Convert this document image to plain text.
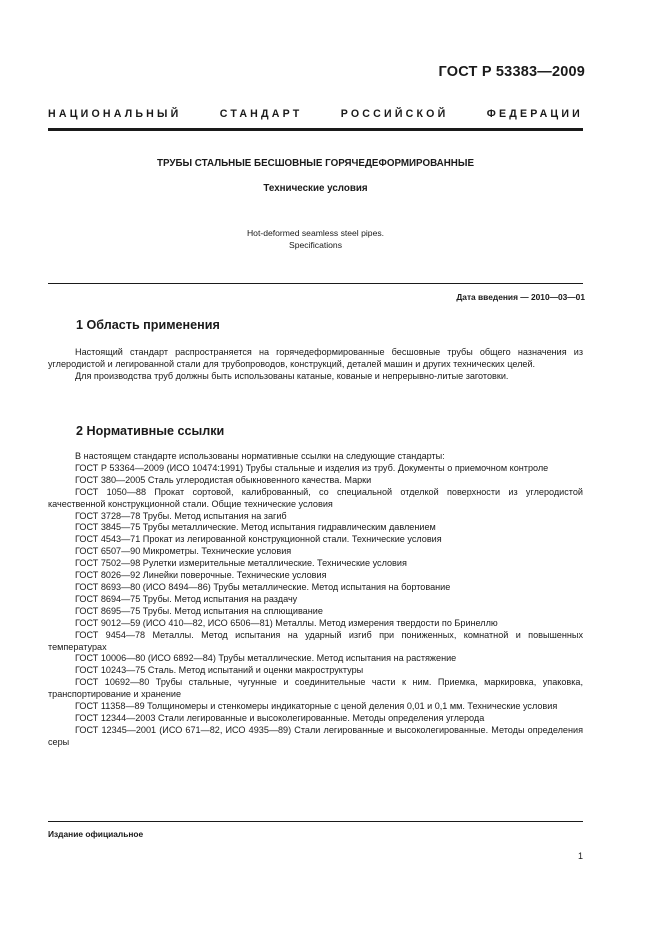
ГОСТ Р 53383—2009
НАЦИОНАЛЬНЫЙ	СТАНДАРТ	РОССИЙСКОЙ	ФЕДЕРАЦИИ
ТРУБЫ СТАЛЬНЫЕ БЕСШОВНЫЕ ГОРЯЧЕДЕФОРМИРОВАННЫЕ
Технические условия
Hot-deformed seamless steel pipes.
Specifications
Дата введения — 2010—03—01
1 Область применения

Настоящий стандарт распространяется на горячедеформированные бесшовные трубы общего назначения из углеродистой и легированной стали для трубопроводов, конструкций, деталей машин и других технических целей.

Для производства труб должны быть использованы катаные, кованые и непрерывно-литые заготовки.

2 Нормативные ссылки

В настоящем стандарте использованы нормативные ссылки на следующие стандарты:

ГОСТ Р 53364—2009 (ИСО 10474:1991) Трубы стальные и изделия из труб. Документы о приемочном контроле

ГОСТ 380—2005 Сталь углеродистая обыкновенного качества. Марки

ГОСТ 1050—88 Прокат сортовой, калиброванный, со специальной отделкой поверхности из углеродистой качественной конструкционной стали. Общие технические условия

ГОСТ 3728—78 Трубы. Метод испытания на загиб

ГОСТ 3845—75 Трубы металлические. Метод испытания гидравлическим давлением

ГОСТ 4543—71 Прокат из легированной конструкционной стали. Технические условия

ГОСТ 6507—90 Микрометры. Технические условия

ГОСТ 7502—98 Рулетки измерительные металлические. Технические условия

ГОСТ 8026—92 Линейки поверочные. Технические условия

ГОСТ 8693—80 (ИСО 8494—86) Трубы металлические. Метод испытания на бортование

ГОСТ 8694—75 Трубы. Метод испытания на раздачу

ГОСТ 8695—75 Трубы. Метод испытания на сплющивание

ГОСТ 9012—59 (ИСО 410—82, ИСО 6506—81) Металлы. Метод измерения твердости по Бринеллю

ГОСТ 9454—78 Металлы. Метод испытания на ударный изгиб при пониженных, комнатной и повышенных температурах

ГОСТ 10006—80 (ИСО 6892—84) Трубы металлические. Метод испытания на растяжение

ГОСТ 10243—75 Сталь. Метод испытаний и оценки макроструктуры

ГОСТ 10692—80 Трубы стальные, чугунные и соединительные части к ним. Приемка, маркировка, упаковка, транспортирование и хранение

ГОСТ 11358—89 Толщиномеры и стенкомеры индикаторные с ценой деления 0,01 и 0,1 мм. Технические условия

ГОСТ 12344—2003 Стали легированные и высоколегированные. Методы определения углерода

ГОСТ 12345—2001 (ИСО 671—82, ИСО 4935—89) Стали легированные и высоколегированные. Методы определения серы

Издание официальное
1
